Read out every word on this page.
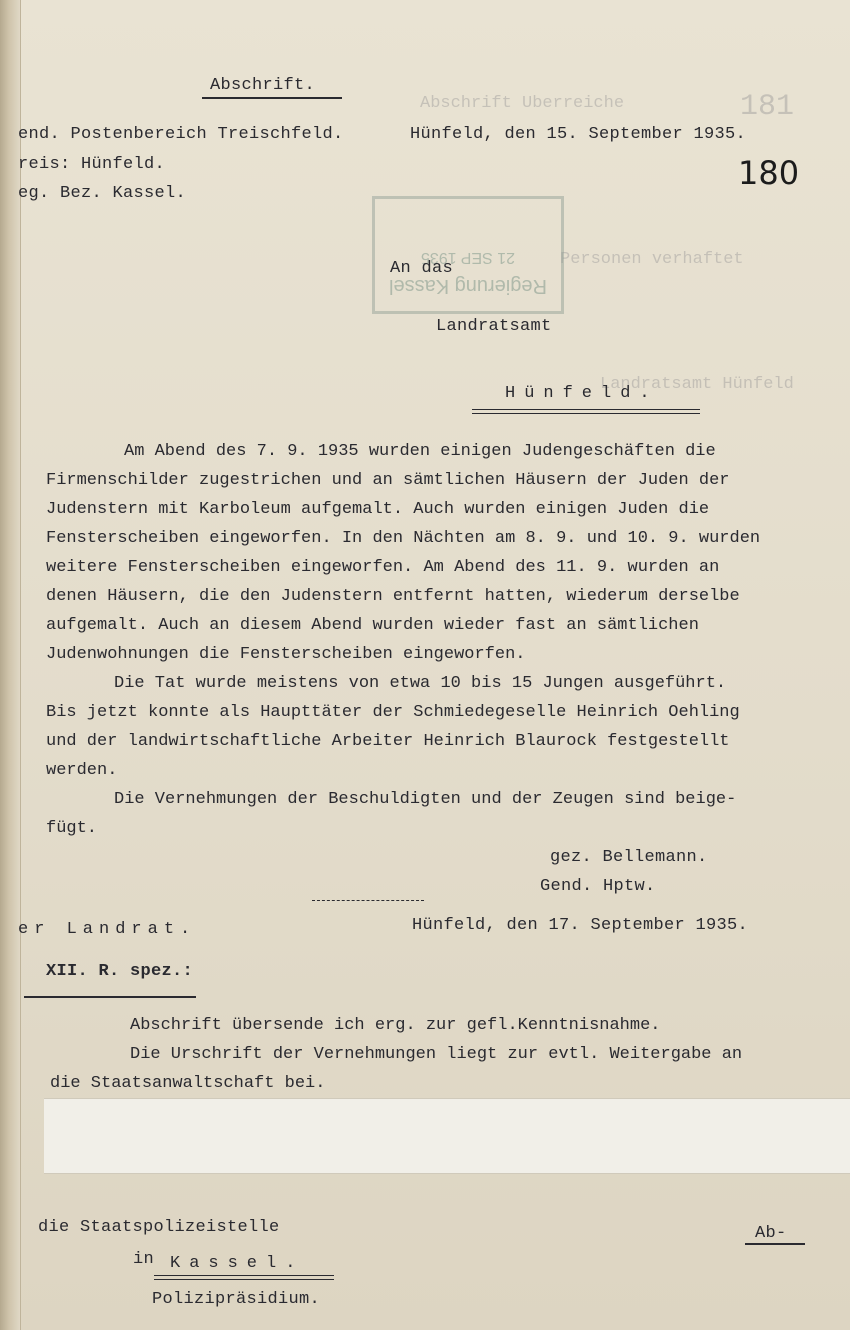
Abschrift Uberreiche	181
Personen verhaftet
Landratsamt Hünfeld
Abschrift.
end. Postenbereich Treischfeld.
reis: Hünfeld.
eg. Bez. Kassel.
Hünfeld, den 15. September 1935.
180
Regierung Kassel
21 SEP 1935
An das
Landratsamt
Hünfeld.
Am Abend des 7. 9. 1935 wurden einigen Judengeschäften die
Firmenschilder zugestrichen und an sämtlichen Häusern der Juden der
Judenstern mit Karboleum aufgemalt. Auch wurden einigen Juden die
Fensterscheiben eingeworfen. In den Nächten am 8. 9. und 10. 9. wurden
weitere Fensterscheiben eingeworfen. Am Abend des 11. 9. wurden an
denen Häusern, die den Judenstern entfernt hatten, wiederum derselbe
aufgemalt. Auch an diesem Abend wurden wieder fast an sämtlichen
Judenwohnungen die Fensterscheiben eingeworfen.
Die Tat wurde meistens von etwa 10 bis 15 Jungen ausgeführt.
Bis jetzt konnte als Haupttäter der Schmiedegeselle Heinrich Oehling
und der landwirtschaftliche Arbeiter Heinrich Blaurock festgestellt
werden.
Die Vernehmungen der Beschuldigten und der Zeugen sind beige-
fügt.
gez. Bellemann.
Gend. Hptw.
er Landrat.	Hünfeld, den 17. September 1935.
XII. R. spez.:
Abschrift übersende ich erg. zur gefl.Kenntnisnahme.
Die Urschrift der Vernehmungen liegt zur evtl. Weitergabe an
die Staatsanwaltschaft bei.
die Staatspolizeistelle
in Kassel.
Polizipräsidium.
Ab-
